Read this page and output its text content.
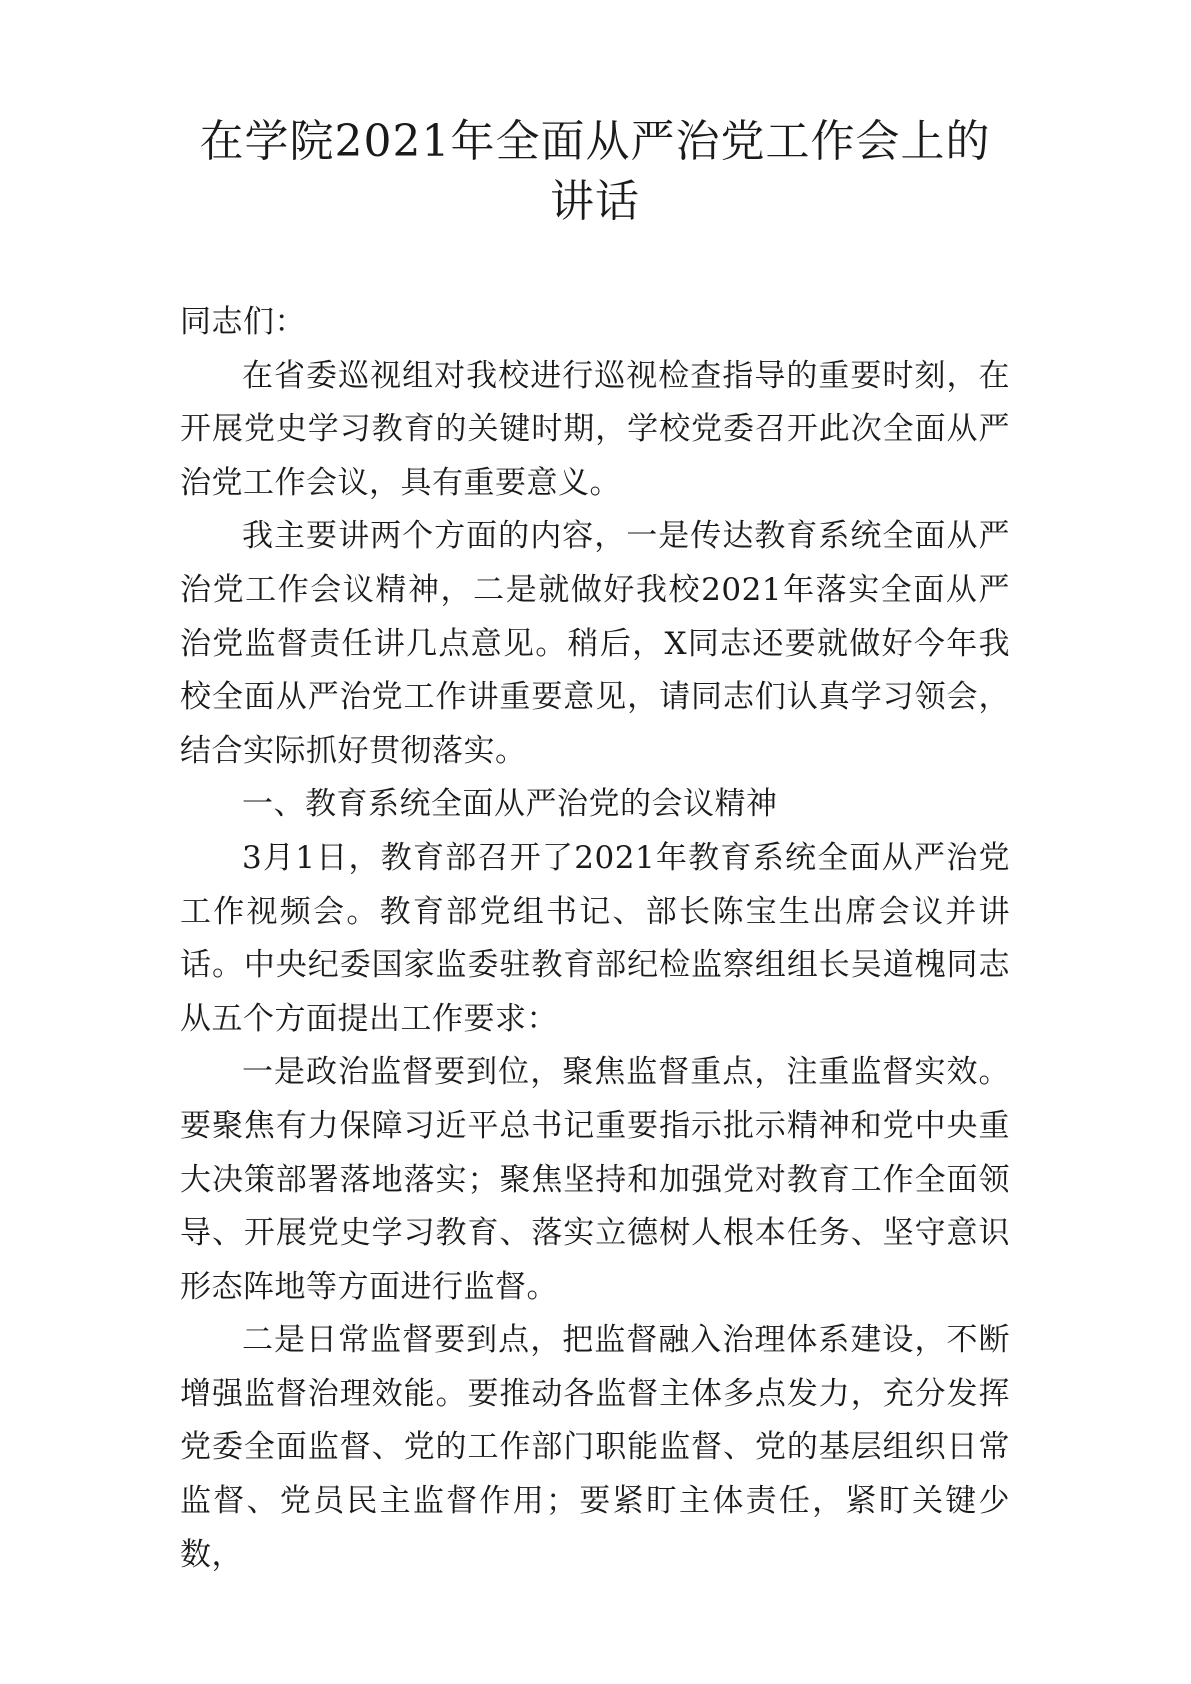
在学院2021年全面从严治党工作会上的讲话

同志们：

在省委巡视组对我校进行巡视检查指导的重要时刻，在开展党史学习教育的关键时期，学校党委召开此次全面从严治党工作会议，具有重要意义。

我主要讲两个方面的内容，一是传达教育系统全面从严治党工作会议精神，二是就做好我校2021年落实全面从严治党监督责任讲几点意见。稍后，X同志还要就做好今年我校全面从严治党工作讲重要意见，请同志们认真学习领会，结合实际抓好贯彻落实。

一、教育系统全面从严治党的会议精神

3月1日，教育部召开了2021年教育系统全面从严治党工作视频会。教育部党组书记、部长陈宝生出席会议并讲话。中央纪委国家监委驻教育部纪检监察组组长吴道槐同志从五个方面提出工作要求：

一是政治监督要到位，聚焦监督重点，注重监督实效。要聚焦有力保障习近平总书记重要指示批示精神和党中央重大决策部署落地落实；聚焦坚持和加强党对教育工作全面领导、开展党史学习教育、落实立德树人根本任务、坚守意识形态阵地等方面进行监督。

二是日常监督要到点，把监督融入治理体系建设，不断增强监督治理效能。要推动各监督主体多点发力，充分发挥党委全面监督、党的工作部门职能监督、党的基层组织日常监督、党员民主监督作用；要紧盯主体责任，紧盯关键少数，
